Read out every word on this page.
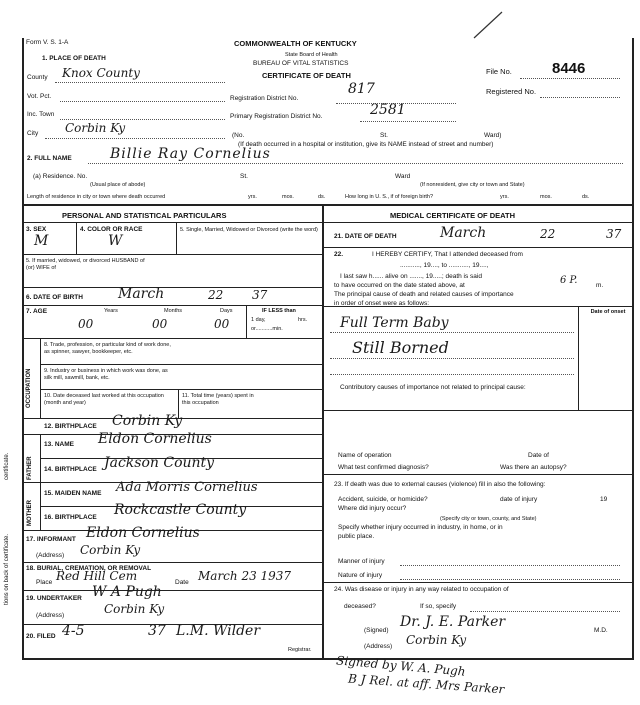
tions on back of certificate.
certificate.
Form V. S. 1-A	COMMONWEALTH OF KENTUCKY
State Board of Health
BUREAU OF VITAL STATISTICS
CERTIFICATE OF DEATH	File No.	8446
Registered No.
1. PLACE OF DEATH
County Knox County
Vot. Pct.
Inc. Town
City Corbin Ky
Registration District No.
817
Primary Registration District No.	2581
(No.	St.	Ward)
(If death occurred in a hospital or institution, give its NAME instead of street and number)
2. FULL NAME	Billie Ray Cornelius
(a) Residence. No.	St.	Ward
(Usual place of abode)	(If nonresident, give city or town and State)
Length of residence in city or town where death occurred	yrs.	mos.	ds.	How long in U. S., if of foreign birth?	yrs.	mos.	ds.
PERSONAL AND STATISTICAL PARTICULARS
3. SEX
M
4. COLOR OR RACE
W
5. Single, Married, Widowed or Divorced (write the word)
5. If married, widowed, or divorced HUSBAND of (or) WIFE of
6. DATE OF BIRTH	March	22 37
7. AGE	Years	Months	Days
00	00	00
IF LESS than
1 day,	hrs.
or...........min.
OCCUPATION
8. Trade, profession, or particular kind of work done, as spinner, sawyer, bookkeeper, etc.
9. Industry or business in which work was done, as silk mill, sawmill, bank, etc.
10. Date deceased last worked at this occupation (month and year)
11. Total time (years) spent in this occupation
12. BIRTHPLACE Corbin Ky
FATHER
MOTHER
13. NAME Eldon Cornelius
14. BIRTHPLACE Jackson County
15. MAIDEN NAME Ada Morris Cornelius
16. BIRTHPLACE Rockcastle County
17. INFORMANT Eldon Cornelius
(Address) Corbin Ky
18. BURIAL, CREMATION, OR REMOVAL
Place Red Hill Cem	Date March 23 1937
19. UNDERTAKER W A Pugh
(Address)	Corbin Ky
20. FILED 4-5	37 L.M. Wilder
Registrar.
MEDICAL CERTIFICATE OF DEATH
21. DATE OF DEATH	March	22	37
22.	I HEREBY CERTIFY, That I attended deceased from
..........., 19...., to ..........., 19....,
I last saw h...... alive on ......., 19.....; death is said
to have occurred on the date stated above, at	6 P.	m.
The principal cause of death and related causes of importance
in order of onset were as follows:
Date of onset
Full Term Baby
Still Borned
Contributory causes of importance not related to principal cause:
Name of operation	Date of
What test confirmed diagnosis?	Was there an autopsy?
23. If death was due to external causes (violence) fill in also the following:
Accident, suicide, or homicide?	date of injury	19
Where did injury occur?
(Specify city or town, county, and State)
Specify whether injury occurred in industry, in home, or in
public place.
Manner of injury
Nature of injury
24. Was disease or injury in any way related to occupation of
deceased?	If so, specify
(Signed)
Dr. J. E. Parker
M.D.
(Address) Corbin Ky
Signed by W. A. Pugh
B J Rel. at aff. Mrs Parker
